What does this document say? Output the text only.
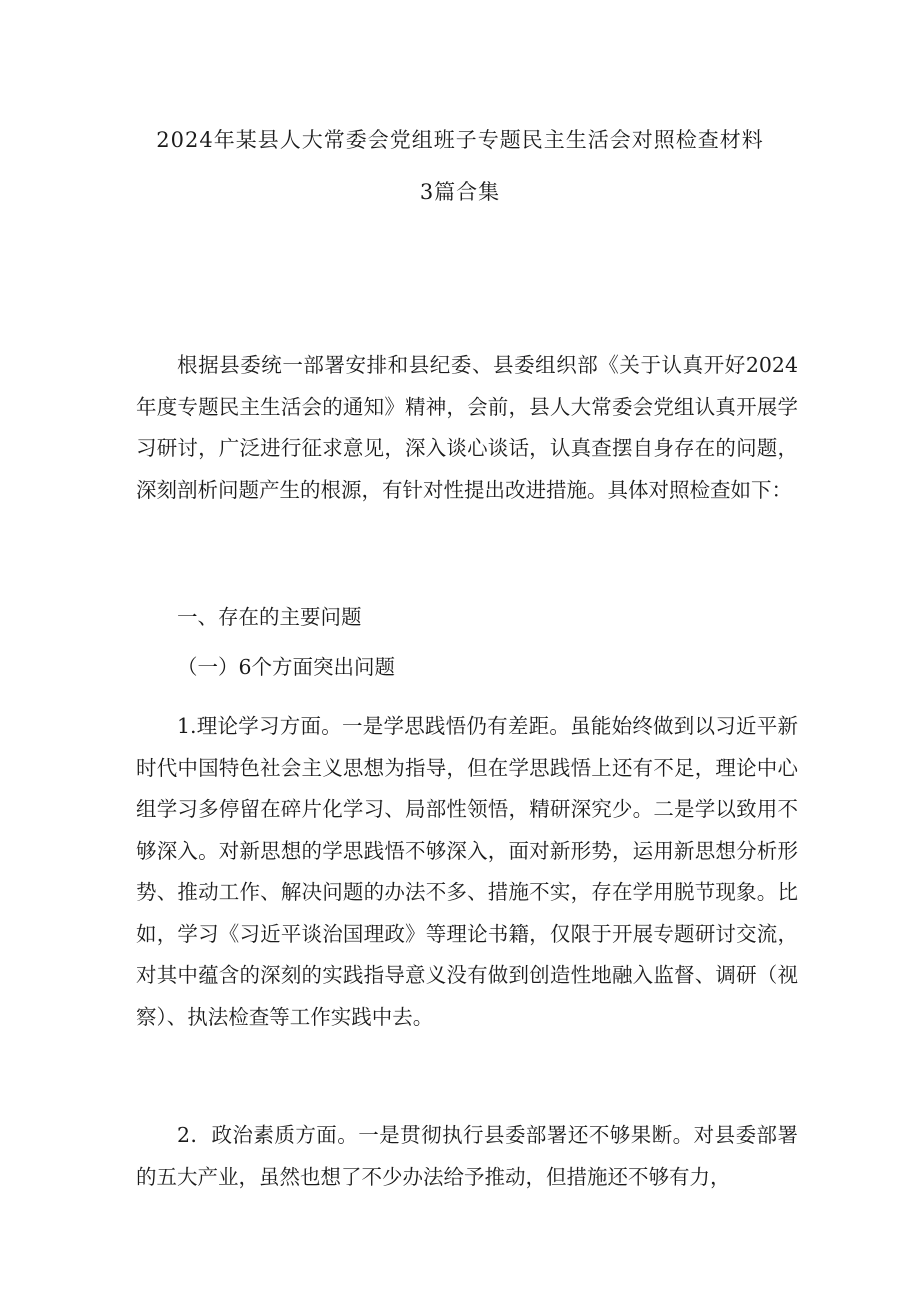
2024年某县人大常委会党组班子专题民主生活会对照检查材料
3篇合集

根据县委统一部署安排和县纪委、县委组织部《关于认真开好2024年度专题民主生活会的通知》精神，会前，县人大常委会党组认真开展学习研讨，广泛进行征求意见，深入谈心谈话，认真查摆自身存在的问题，深刻剖析问题产生的根源，有针对性提出改进措施。具体对照检查如下：

一、存在的主要问题
（一）6个方面突出问题

1.理论学习方面。一是学思践悟仍有差距。虽能始终做到以习近平新时代中国特色社会主义思想为指导，但在学思践悟上还有不足，理论中心组学习多停留在碎片化学习、局部性领悟，精研深究少。二是学以致用不够深入。对新思想的学思践悟不够深入，面对新形势，运用新思想分析形势、推动工作、解决问题的办法不多、措施不实，存在学用脱节现象。比如，学习《习近平谈治国理政》等理论书籍，仅限于开展专题研讨交流，对其中蕴含的深刻的实践指导意义没有做到创造性地融入监督、调研（视察）、执法检查等工作实践中去。

2．政治素质方面。一是贯彻执行县委部署还不够果断。对县委部署的五大产业，虽然也想了不少办法给予推动，但措施还不够有力，
